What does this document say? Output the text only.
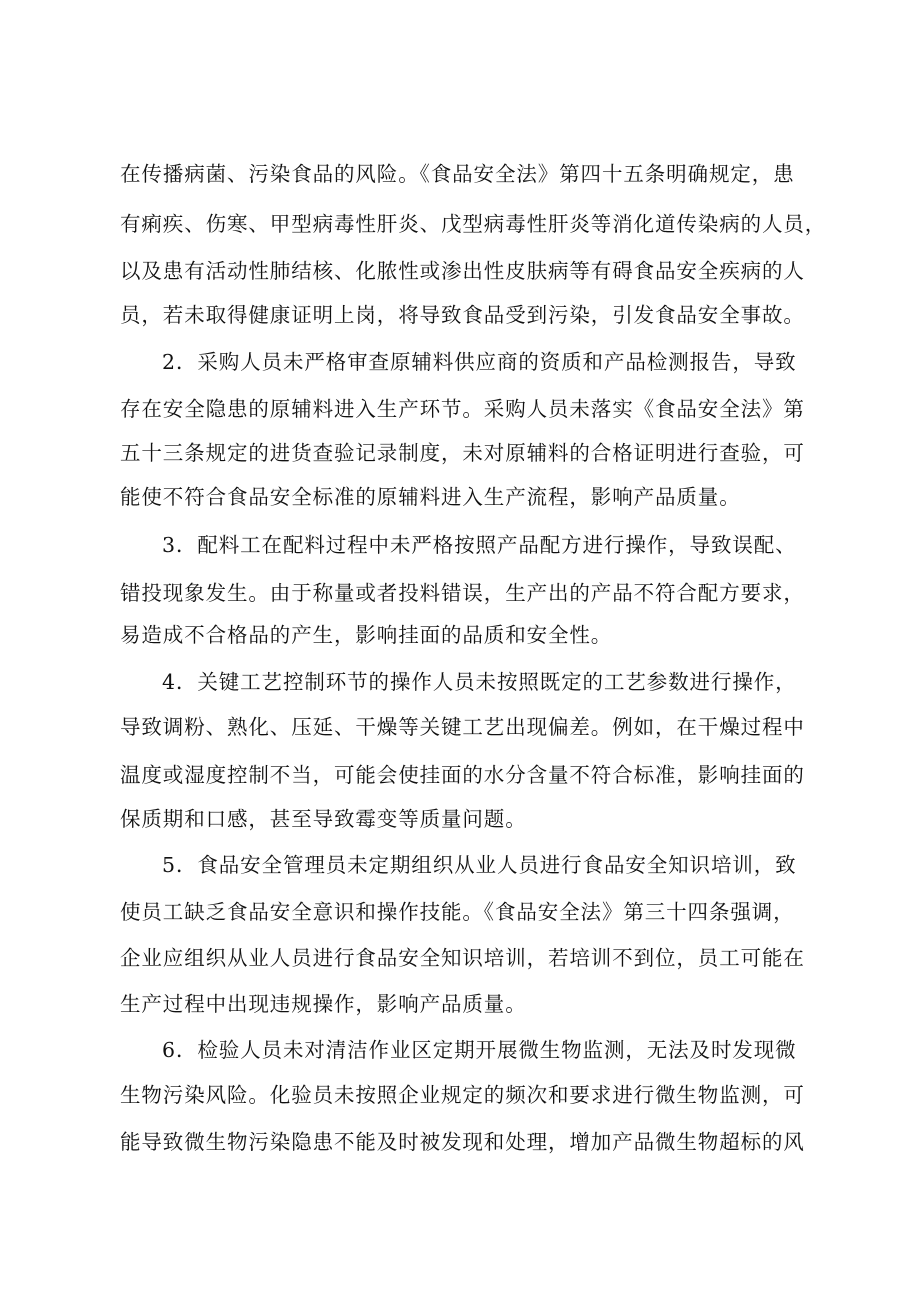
在传播病菌、污染食品的风险。《食品安全法》第四十五条明确规定，患
有痢疾、伤寒、甲型病毒性肝炎、戊型病毒性肝炎等消化道传染病的人员，
以及患有活动性肺结核、化脓性或渗出性皮肤病等有碍食品安全疾病的人
员，若未取得健康证明上岗，将导致食品受到污染，引发食品安全事故。
2．采购人员未严格审查原辅料供应商的资质和产品检测报告，导致
存在安全隐患的原辅料进入生产环节。采购人员未落实《食品安全法》第
五十三条规定的进货查验记录制度，未对原辅料的合格证明进行查验，可
能使不符合食品安全标准的原辅料进入生产流程，影响产品质量。
3．配料工在配料过程中未严格按照产品配方进行操作，导致误配、
错投现象发生。由于称量或者投料错误，生产出的产品不符合配方要求，
易造成不合格品的产生，影响挂面的品质和安全性。
4．关键工艺控制环节的操作人员未按照既定的工艺参数进行操作，
导致调粉、熟化、压延、干燥等关键工艺出现偏差。例如，在干燥过程中
温度或湿度控制不当，可能会使挂面的水分含量不符合标准，影响挂面的
保质期和口感，甚至导致霉变等质量问题。
5．食品安全管理员未定期组织从业人员进行食品安全知识培训，致
使员工缺乏食品安全意识和操作技能。《食品安全法》第三十四条强调，
企业应组织从业人员进行食品安全知识培训，若培训不到位，员工可能在
生产过程中出现违规操作，影响产品质量。
6．检验人员未对清洁作业区定期开展微生物监测，无法及时发现微
生物污染风险。化验员未按照企业规定的频次和要求进行微生物监测，可
能导致微生物污染隐患不能及时被发现和处理，增加产品微生物超标的风
